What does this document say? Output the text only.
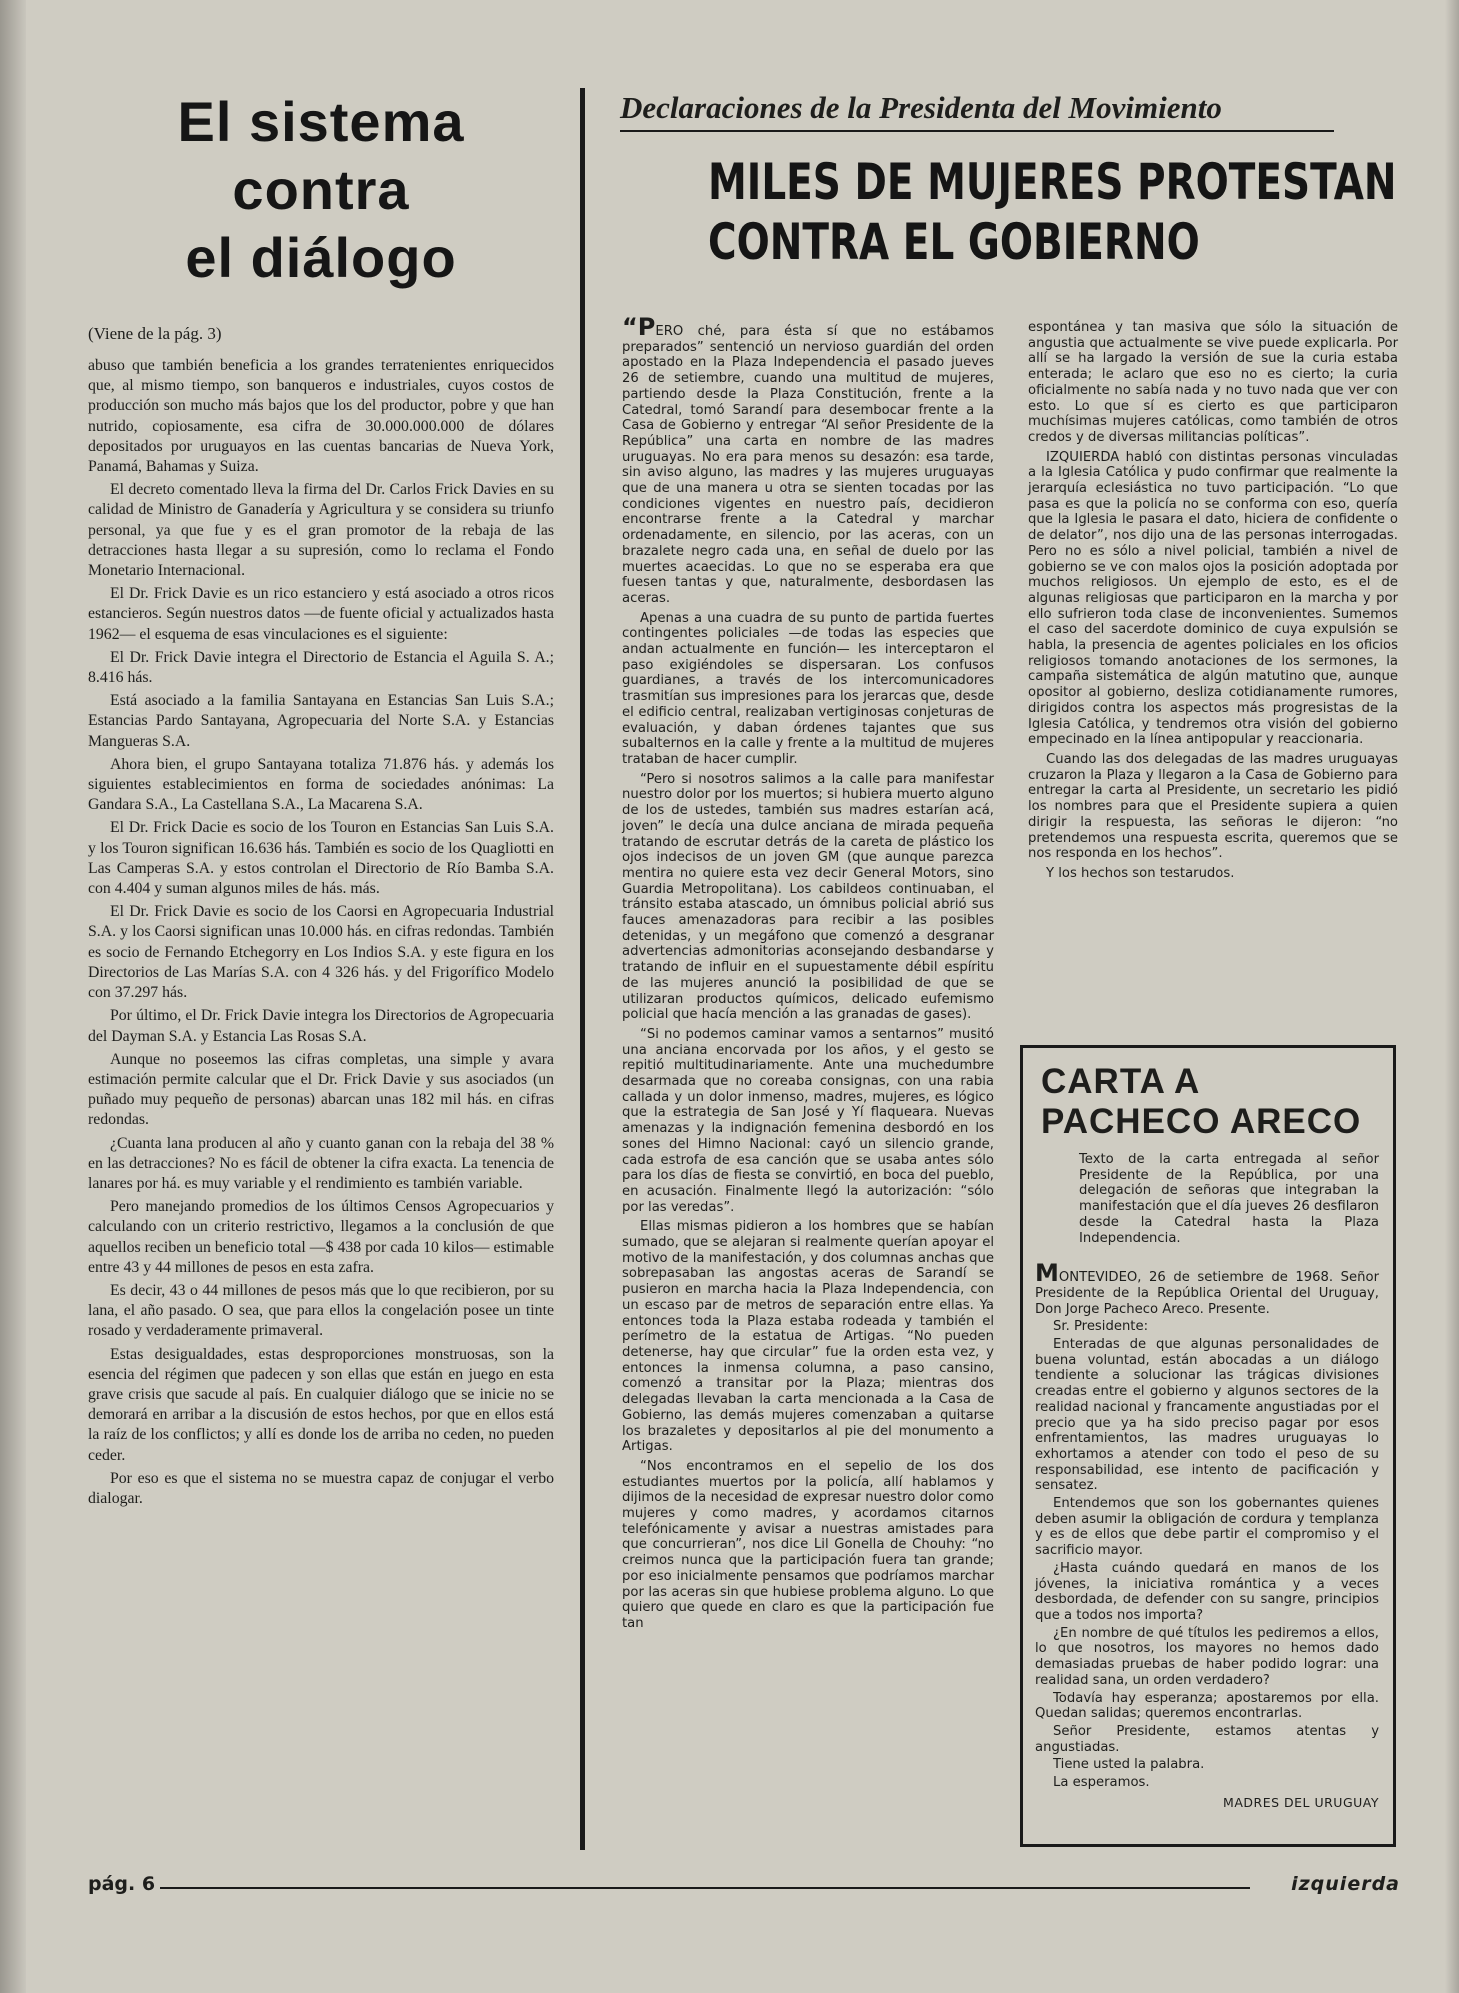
El sistema
contra
el diálogo
(Viene de la pág. 3)

abuso que también beneficia a los grandes terratenientes enriquecidos que, al mismo tiempo, son banqueros e industriales, cuyos costos de producción son mucho más bajos que los del productor, pobre y que han nutrido, copiosamente, esa cifra de 30.000.000.000 de dólares depositados por uruguayos en las cuentas bancarias de Nueva York, Panamá, Bahamas y Suiza.

El decreto comentado lleva la firma del Dr. Carlos Frick Davies en su calidad de Ministro de Ganadería y Agricultura y se considera su triunfo personal, ya que fue y es el gran promotor de la rebaja de las detracciones hasta llegar a su supresión, como lo reclama el Fondo Monetario Internacional.

El Dr. Frick Davie es un rico estanciero y está asociado a otros ricos estancieros. Según nuestros datos —de fuente oficial y actualizados hasta 1962— el esquema de esas vinculaciones es el siguiente:

El Dr. Frick Davie integra el Directorio de Estancia el Aguila S. A.; 8.416 hás.

Está asociado a la familia Santayana en Estancias San Luis S.A.; Estancias Pardo Santayana, Agropecuaria del Norte S.A. y Estancias Mangueras S.A.

Ahora bien, el grupo Santayana totaliza 71.876 hás. y además los siguientes establecimientos en forma de sociedades anónimas: La Gandara S.A., La Castellana S.A., La Macarena S.A.

El Dr. Frick Dacie es socio de los Touron en Estancias San Luis S.A. y los Touron significan 16.636 hás. También es socio de los Quagliotti en Las Camperas S.A. y estos controlan el Directorio de Río Bamba S.A. con 4.404 y suman algunos miles de hás. más.

El Dr. Frick Davie es socio de los Caorsi en Agropecuaria Industrial S.A. y los Caorsi significan unas 10.000 hás. en cifras redondas. También es socio de Fernando Etchegorry en Los Indios S.A. y este figura en los Directorios de Las Marías S.A. con 4 326 hás. y del Frigorífico Modelo con 37.297 hás.

Por último, el Dr. Frick Davie integra los Directorios de Agropecuaria del Dayman S.A. y Estancia Las Rosas S.A.

Aunque no poseemos las cifras completas, una simple y avara estimación permite calcular que el Dr. Frick Davie y sus asociados (un puñado muy pequeño de personas) abarcan unas 182 mil hás. en cifras redondas.

¿Cuanta lana producen al año y cuanto ganan con la rebaja del 38 % en las detracciones? No es fácil de obtener la cifra exacta. La tenencia de lanares por há. es muy variable y el rendimiento es también variable.

Pero manejando promedios de los últimos Censos Agropecuarios y calculando con un criterio restrictivo, llegamos a la conclusión de que aquellos reciben un beneficio total —$ 438 por cada 10 kilos— estimable entre 43 y 44 millones de pesos en esta zafra.

Es decir, 43 o 44 millones de pesos más que lo que recibieron, por su lana, el año pasado. O sea, que para ellos la congelación posee un tinte rosado y verdaderamente primaveral.

Estas desigualdades, estas desproporciones monstruosas, son la esencia del régimen que padecen y son ellas que están en juego en esta grave crisis que sacude al país. En cualquier diálogo que se inicie no se demorará en arribar a la discusión de estos hechos, por que en ellos está la raíz de los conflictos; y allí es donde los de arriba no ceden, no pueden ceder.

Por eso es que el sistema no se muestra capaz de conjugar el verbo dialogar.

Declaraciones de la Presidenta del Movimiento
MILES DE MUJERES PROTESTAN
CONTRA EL GOBIERNO

“PERO ché, para ésta sí que no estábamos preparados” sentenció un nervioso guardián del orden apostado en la Plaza Independencia el pasado jueves 26 de setiembre, cuando una multitud de mujeres, partiendo desde la Plaza Constitución, frente a la Catedral, tomó Sarandí para desembocar frente a la Casa de Gobierno y entregar “Al señor Presidente de la República” una carta en nombre de las madres uruguayas. No era para menos su desazón: esa tarde, sin aviso alguno, las madres y las mujeres uruguayas que de una manera u otra se sienten tocadas por las condiciones vigentes en nuestro país, decidieron encontrarse frente a la Catedral y marchar ordenadamente, en silencio, por las aceras, con un brazalete negro cada una, en señal de duelo por las muertes acaecidas. Lo que no se esperaba era que fuesen tantas y que, naturalmente, desbordasen las aceras.

Apenas a una cuadra de su punto de partida fuertes contingentes policiales —de todas las especies que andan actualmente en función— les interceptaron el paso exigiéndoles se dispersaran. Los confusos guardianes, a través de los intercomunicadores trasmitían sus impresiones para los jerarcas que, desde el edificio central, realizaban vertiginosas conjeturas de evaluación, y daban órdenes tajantes que sus subalternos en la calle y frente a la multitud de mujeres trataban de hacer cumplir.

“Pero si nosotros salimos a la calle para manifestar nuestro dolor por los muertos; si hubiera muerto alguno de los de ustedes, también sus madres estarían acá, joven” le decía una dulce anciana de mirada pequeña tratando de escrutar detrás de la careta de plástico los ojos indecisos de un joven GM (que aunque parezca mentira no quiere esta vez decir General Motors, sino Guardia Metropolitana). Los cabildeos continuaban, el tránsito estaba atascado, un ómnibus policial abrió sus fauces amenazadoras para recibir a las posibles detenidas, y un megáfono que comenzó a desgranar advertencias admonitorias aconsejando desbandarse y tratando de influir en el supuestamente débil espíritu de las mujeres anunció la posibilidad de que se utilizaran productos químicos, delicado eufemismo policial que hacía mención a las granadas de gases).

“Si no podemos caminar vamos a sentarnos” musitó una anciana encorvada por los años, y el gesto se repitió multitudinariamente. Ante una muchedumbre desarmada que no coreaba consignas, con una rabia callada y un dolor inmenso, madres, mujeres, es lógico que la estrategia de San José y Yí flaqueara. Nuevas amenazas y la indignación femenina desbordó en los sones del Himno Nacional: cayó un silencio grande, cada estrofa de esa canción que se usaba antes sólo para los días de fiesta se convirtió, en boca del pueblo, en acusación. Finalmente llegó la autorización: “sólo por las veredas”.

Ellas mismas pidieron a los hombres que se habían sumado, que se alejaran si realmente querían apoyar el motivo de la manifestación, y dos columnas anchas que sobrepasaban las angostas aceras de Sarandí se pusieron en marcha hacia la Plaza Independencia, con un escaso par de metros de separación entre ellas. Ya entonces toda la Plaza estaba rodeada y también el perímetro de la estatua de Artigas. “No pueden detenerse, hay que circular” fue la orden esta vez, y entonces la inmensa columna, a paso cansino, comenzó a transitar por la Plaza; mientras dos delegadas llevaban la carta mencionada a la Casa de Gobierno, las demás mujeres comenzaban a quitarse los brazaletes y depositarlos al pie del monumento a Artigas.

“Nos encontramos en el sepelio de los dos estudiantes muertos por la policía, allí hablamos y dijimos de la necesidad de expresar nuestro dolor como mujeres y como madres, y acordamos citarnos telefónicamente y avisar a nuestras amistades para que concurrieran”, nos dice Lil Gonella de Chouhy: “no creimos nunca que la participación fuera tan grande; por eso inicialmente pensamos que podríamos marchar por las aceras sin que hubiese problema alguno. Lo que quiero que quede en claro es que la participación fue tan

espontánea y tan masiva que sólo la situación de angustia que actualmente se vive puede explicarla. Por allí se ha largado la versión de sue la curia estaba enterada; le aclaro que eso no es cierto; la curia oficialmente no sabía nada y no tuvo nada que ver con esto. Lo que sí es cierto es que participaron muchísimas mujeres católicas, como también de otros credos y de diversas militancias políticas”.

IZQUIERDA habló con distintas personas vinculadas a la Iglesia Católica y pudo confirmar que realmente la jerarquía eclesiástica no tuvo participación. “Lo que pasa es que la policía no se conforma con eso, quería que la Iglesia le pasara el dato, hiciera de confidente o de delator”, nos dijo una de las personas interrogadas. Pero no es sólo a nivel policial, también a nivel de gobierno se ve con malos ojos la posición adoptada por muchos religiosos. Un ejemplo de esto, es el de algunas religiosas que participaron en la marcha y por ello sufrieron toda clase de inconvenientes. Sumemos el caso del sacerdote dominico de cuya expulsión se habla, la presencia de agentes policiales en los oficios religiosos tomando anotaciones de los sermones, la campaña sistemática de algún matutino que, aunque opositor al gobierno, desliza cotidianamente rumores, dirigidos contra los aspectos más progresistas de la Iglesia Católica, y tendremos otra visión del gobierno empecinado en la línea antipopular y reaccionaria.

Cuando las dos delegadas de las madres uruguayas cruzaron la Plaza y llegaron a la Casa de Gobierno para entregar la carta al Presidente, un secretario les pidió los nombres para que el Presidente supiera a quien dirigir la respuesta, las señoras le dijeron: “no pretendemos una respuesta escrita, queremos que se nos responda en los hechos”.

Y los hechos son testarudos.

CARTA A
PACHECO ARECO

Texto de la carta entregada al señor Presidente de la República, por una delegación de señoras que integraban la manifestación que el día jueves 26 desfilaron desde la Catedral hasta la Plaza Independencia.

MONTEVIDEO, 26 de setiembre de 1968. Señor Presidente de la República Oriental del Uruguay, Don Jorge Pacheco Areco. Presente.

Sr. Presidente:

Enteradas de que algunas personalidades de buena voluntad, están abocadas a un diálogo tendiente a solucionar las trágicas divisiones creadas entre el gobierno y algunos sectores de la realidad nacional y francamente angustiadas por el precio que ya ha sido preciso pagar por esos enfrentamientos, las madres uruguayas lo exhortamos a atender con todo el peso de su responsabilidad, ese intento de pacificación y sensatez.

Entendemos que son los gobernantes quienes deben asumir la obligación de cordura y templanza y es de ellos que debe partir el compromiso y el sacrificio mayor.

¿Hasta cuándo quedará en manos de los jóvenes, la iniciativa romántica y a veces desbordada, de defender con su sangre, principios que a todos nos importa?

¿En nombre de qué títulos les pediremos a ellos, lo que nosotros, los mayores no hemos dado demasiadas pruebas de haber podido lograr: una realidad sana, un orden verdadero?

Todavía hay esperanza; apostaremos por ella. Quedan salidas; queremos encontrarlas.

Señor Presidente, estamos atentas y angustiadas.

Tiene usted la palabra.

La esperamos.

MADRES DEL URUGUAY

pág. 6	izquierda
